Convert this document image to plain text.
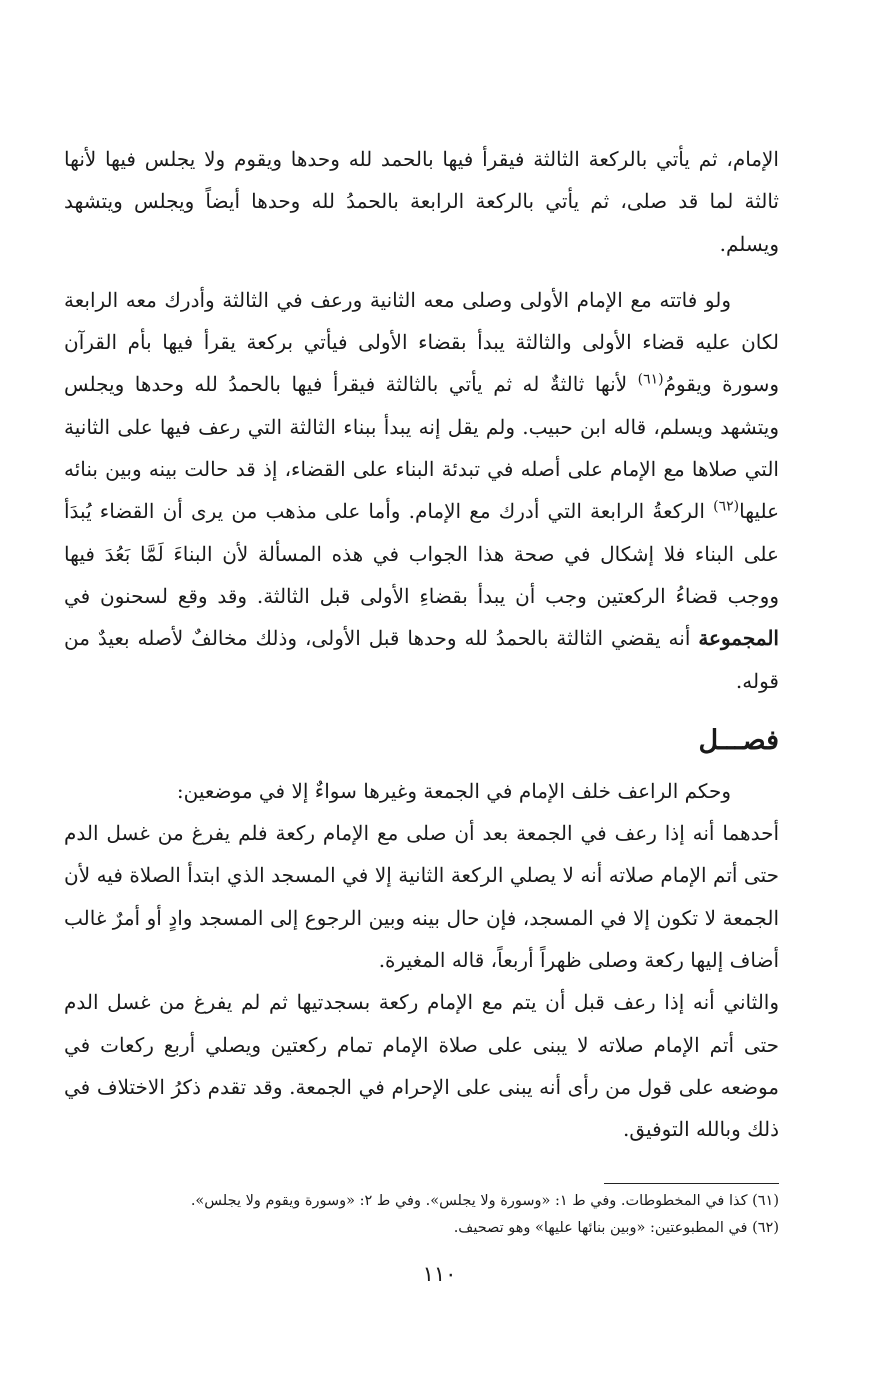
الإمام، ثم يأتي بالركعة الثالثة فيقرأ فيها بالحمد لله وحدها ويقوم ولا يجلس فيها لأنها ثالثة لما قد صلى، ثم يأتي بالركعة الرابعة بالحمدُ لله وحدها أيضاً ويجلس ويتشهد ويسلم.

ولو فاتته مع الإمام الأولى وصلى معه الثانية ورعف في الثالثة وأدرك معه الرابعة لكان عليه قضاء الأولى والثالثة يبدأ بقضاء الأولى فيأتي بركعة يقرأ فيها بأم القرآن وسورة ويقومُ$^{(٦١)}$ لأنها ثالثةٌ له ثم يأتي بالثالثة فيقرأ فيها بالحمدُ لله وحدها ويجلس ويتشهد ويسلم، قاله ابن حبيب. ولم يقل إنه يبدأ ببناء الثالثة التي رعف فيها على الثانية التي صلاها مع الإمام على أصله في تبدئة البناء على القضاء، إذ قد حالت بينه وبين بنائه عليها$^{(٦٢)}$ الركعةُ الرابعة التي أدرك مع الإمام. وأما على مذهب من يرى أن القضاء يُبدَأ على البناء فلا إشكال في صحة هذا الجواب في هذه المسألة لأن البناءَ لَمَّا بَعُدَ فيها ووجب قضاءُ الركعتين وجب أن يبدأ بقضاءِ الأولى قبل الثالثة. وقد وقع لسحنون في المجموعة أنه يقضي الثالثة بالحمدُ لله وحدها قبل الأولى، وذلك مخالفٌ لأصله بعيدٌ من قوله.

فصـــل

وحكم الراعف خلف الإمام في الجمعة وغيرها سواءٌ إلا في موضعين:

أحدهما أنه إذا رعف في الجمعة بعد أن صلى مع الإمام ركعة فلم يفرغ من غسل الدم حتى أتم الإمام صلاته أنه لا يصلي الركعة الثانية إلا في المسجد الذي ابتدأ الصلاة فيه لأن الجمعة لا تكون إلا في المسجد، فإن حال بينه وبين الرجوع إلى المسجد وادٍ أو أمرٌ غالب أضاف إليها ركعة وصلى ظهراً أربعاً، قاله المغيرة.

والثاني أنه إذا رعف قبل أن يتم مع الإمام ركعة بسجدتيها ثم لم يفرغ من غسل الدم حتى أتم الإمام صلاته لا يبنى على صلاة الإمام تمام ركعتين ويصلي أربع ركعات في موضعه على قول من رأى أنه يبنى على الإحرام في الجمعة. وقد تقدم ذكرُ الاختلاف في ذلك وبالله التوفيق.

(٦١) كذا في المخطوطات. وفي ط ١: «وسورة ولا يجلس». وفي ط ٢: «وسورة ويقوم ولا يجلس».

(٦٢) في المطبوعتين: «وبين بنائها عليها» وهو تصحيف.

١١٠
